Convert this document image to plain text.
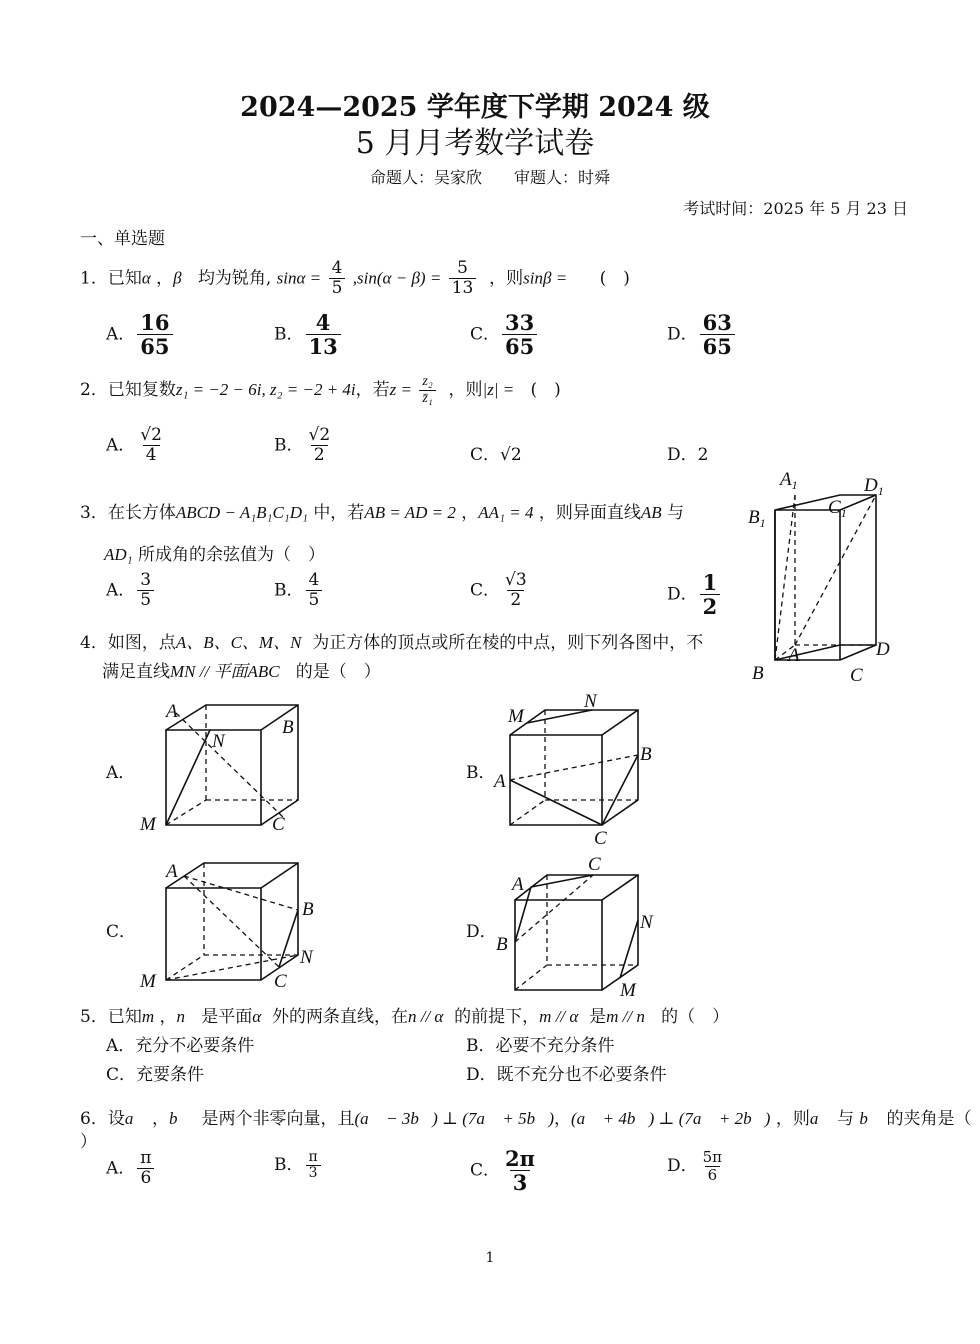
2024—2025 学年度下学期 2024 级
5 月月考数学试卷
命题人：吴家欣　　审题人：时舜
考试时间：2025 年 5 月 23 日
一、单选题
1．已知α ，β 均为锐角, $\sin\alpha = \frac{4}{5} ,\sin(\alpha - \beta) = \frac{5}{13}$ ，则sinβ = (　)
A． $\frac{16}{65}$	B． $\frac{4}{13}$	C． $\frac{33}{65}$	D． $\frac{63}{65}$
2．已知复数z₁ = −2 − 6i, z₂ = −2 + 4i，若$z = \frac{\text{z₂}}{\text{z̄₁}}$ ，则|z| = (　)
A． $\frac{√2}{4}$	B． $\frac{√2}{2}$	C．√2	D．2
3．在长方体ABCD − A₁B₁C₁D₁ 中，若AB = AD = 2 ，AA₁ = 4 ，则异面直线AB 与
AD₁ 所成角的余弦值为（　）
A． $\frac{3}{5}$	B． $\frac{4}{5}$	C． $\frac{√3}{2}$	D． $\frac{1}{2}$
$A_1$	$D_1$
$B_1$
$C_1$
A
B	C
D
4．如图，点A、B、C、M、N 为正方体的顶点或所在棱的中点，则下列各图中，不
满足直线MN // 平面ABC 的是（　）
A．
A
B
C
M
N
B．
M
N
B
A
C
C．
A
B
C
M
N
D．
A
C
B
N
M
5．已知m ，n 是平面α 外的两条直线，在n // α 的前提下，m // α 是m // n 的（　）
A．充分不必要条件	B．必要不充分条件
C．充要条件	D．既不充分也不必要条件
6．设a⃗ ，b⃗ 是两个非零向量，且(a⃗ − 3b⃗) ⊥ (7a⃗ + 5b⃗)，(a⃗ + 4b⃗) ⊥ (7a⃗ + 2b⃗) ，则a⃗ 与 b⃗ 的夹角是（
）
A． $\frac{\pi}{6}$	B． $\frac{\pi}{3}$	C． $\frac{2\pi}{3}$	D． $\frac{5\pi}{6}$
1
